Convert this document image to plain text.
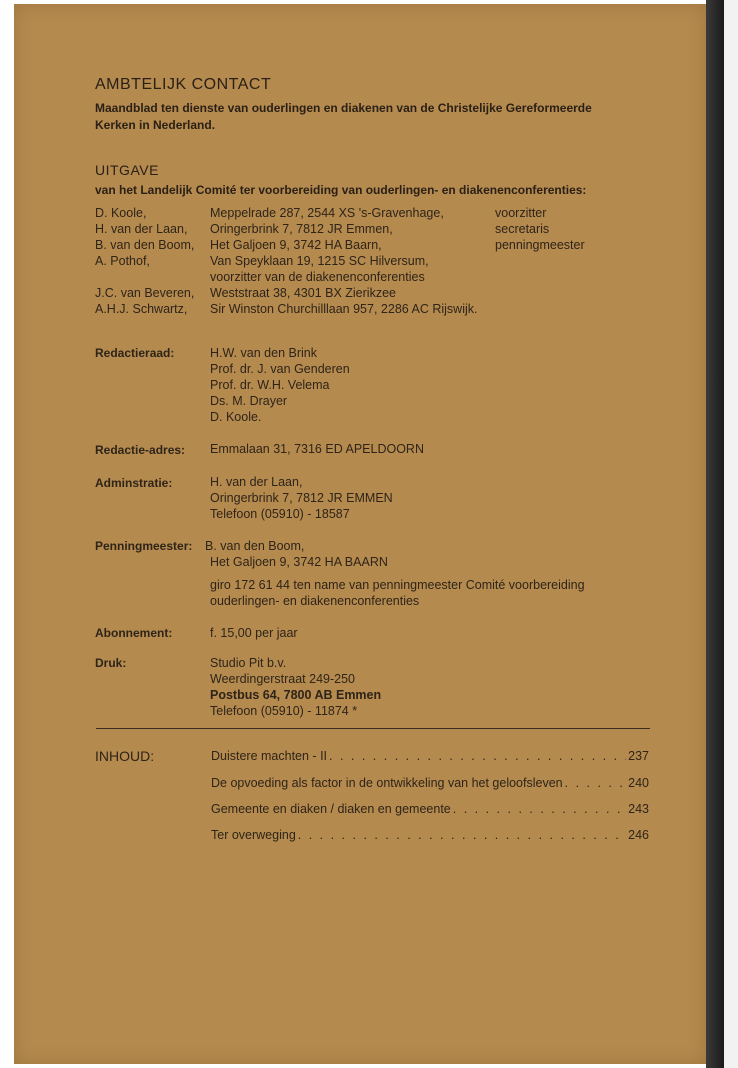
AMBTELIJK CONTACT
Maandblad ten dienste van ouderlingen en diakenen van de Christelijke Gereformeerde
Kerken in Nederland.
UITGAVE
van het Landelijk Comité ter voorbereiding van ouderlingen- en diakenenconferenties:
D. Koole,	Meppelrade 287, 2544 XS 's-Gravenhage,	voorzitter
H. van der Laan, Oringerbrink 7, 7812 JR Emmen,	secretaris
B. van den Boom, Het Galjoen 9, 3742 HA Baarn,	penningmeester
A. Pothof,	Van Speyklaan 19, 1215 SC Hilversum,
voorzitter van de diakenenconferenties
J.C. van Beveren, Weststraat 38, 4301 BX Zierikzee
A.H.J. Schwartz, Sir Winston Churchilllaan 957, 2286 AC Rijswijk.
Redactieraad:	H.W. van den Brink
Prof. dr. J. van Genderen
Prof. dr. W.H. Velema
Ds. M. Drayer
D. Koole.
Redactie-adres: Emmalaan 31, 7316 ED APELDOORN
Adminstratie:	H. van der Laan,
Oringerbrink 7, 7812 JR EMMEN
Telefoon (05910) - 18587
Penningmeester: B. van den Boom,
Het Galjoen 9, 3742 HA BAARN
giro 172 61 44 ten name van penningmeester Comité voorbereiding
ouderlingen- en diakenenconferenties
Abonnement:	f. 15,00 per jaar
Druk:	Studio Pit b.v.
Weerdingerstraat 249-250
Postbus 64, 7800 AB Emmen
Telefoon (05910) - 11874 *
INHOUD:	Duistere machten - II . . .	237
De opvoeding als factor in de ontwikkeling van het geloofsleven . . .	240
Gemeente en diaken / diaken en gemeente . . .	243
Ter overweging . . .	246
